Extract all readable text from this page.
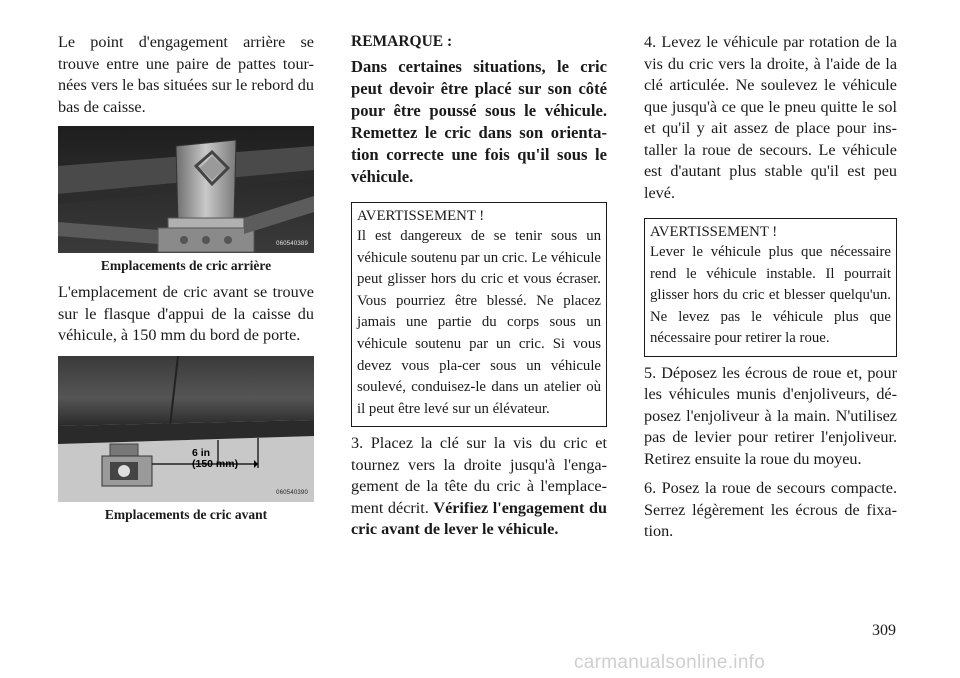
Le point d'engagement arrière se trouve entre une paire de pattes tour-nées vers le bas situées sur le rebord du bas de caisse.

060540389
Emplacements de cric arrière

L'emplacement de cric avant se trouve sur le flasque d'appui de la caisse du véhicule, à 150 mm du bord de porte.

6 in
(150 mm)
060540390
Emplacements de cric avant

REMARQUE :

Dans certaines situations, le cric peut devoir être placé sur son côté pour être poussé sous le véhicule. Remettez le cric dans son orienta-tion correcte une fois qu'il sous le véhicule.

AVERTISSEMENT !

Il est dangereux de se tenir sous un véhicule soutenu par un cric. Le véhicule peut glisser hors du cric et vous écraser. Vous pourriez être blessé. Ne placez jamais une partie du corps sous un véhicule soutenu par un cric. Si vous devez vous pla-cer sous un véhicule soulevé, conduisez-le dans un atelier où il peut être levé sur un élévateur.

3. Placez la clé sur la vis du cric et tournez vers la droite jusqu'à l'enga-gement de la tête du cric à l'emplace-ment décrit. Vérifiez l'engagement du cric avant de lever le véhicule.

4. Levez le véhicule par rotation de la vis du cric vers la droite, à l'aide de la clé articulée. Ne soulevez le véhicule que jusqu'à ce que le pneu quitte le sol et qu'il y ait assez de place pour ins-taller la roue de secours. Le véhicule est d'autant plus stable qu'il est peu levé.

AVERTISSEMENT !

Lever le véhicule plus que nécessaire rend le véhicule instable. Il pourrait glisser hors du cric et blesser quelqu'un. Ne levez pas le véhicule plus que nécessaire pour retirer la roue.

5. Déposez les écrous de roue et, pour les véhicules munis d'enjoliveurs, dé-posez l'enjoliveur à la main. N'utilisez pas de levier pour retirer l'enjoliveur. Retirez ensuite la roue du moyeu.

6. Posez la roue de secours compacte. Serrez légèrement les écrous de fixa-tion.

309
carmanualsonline.info
